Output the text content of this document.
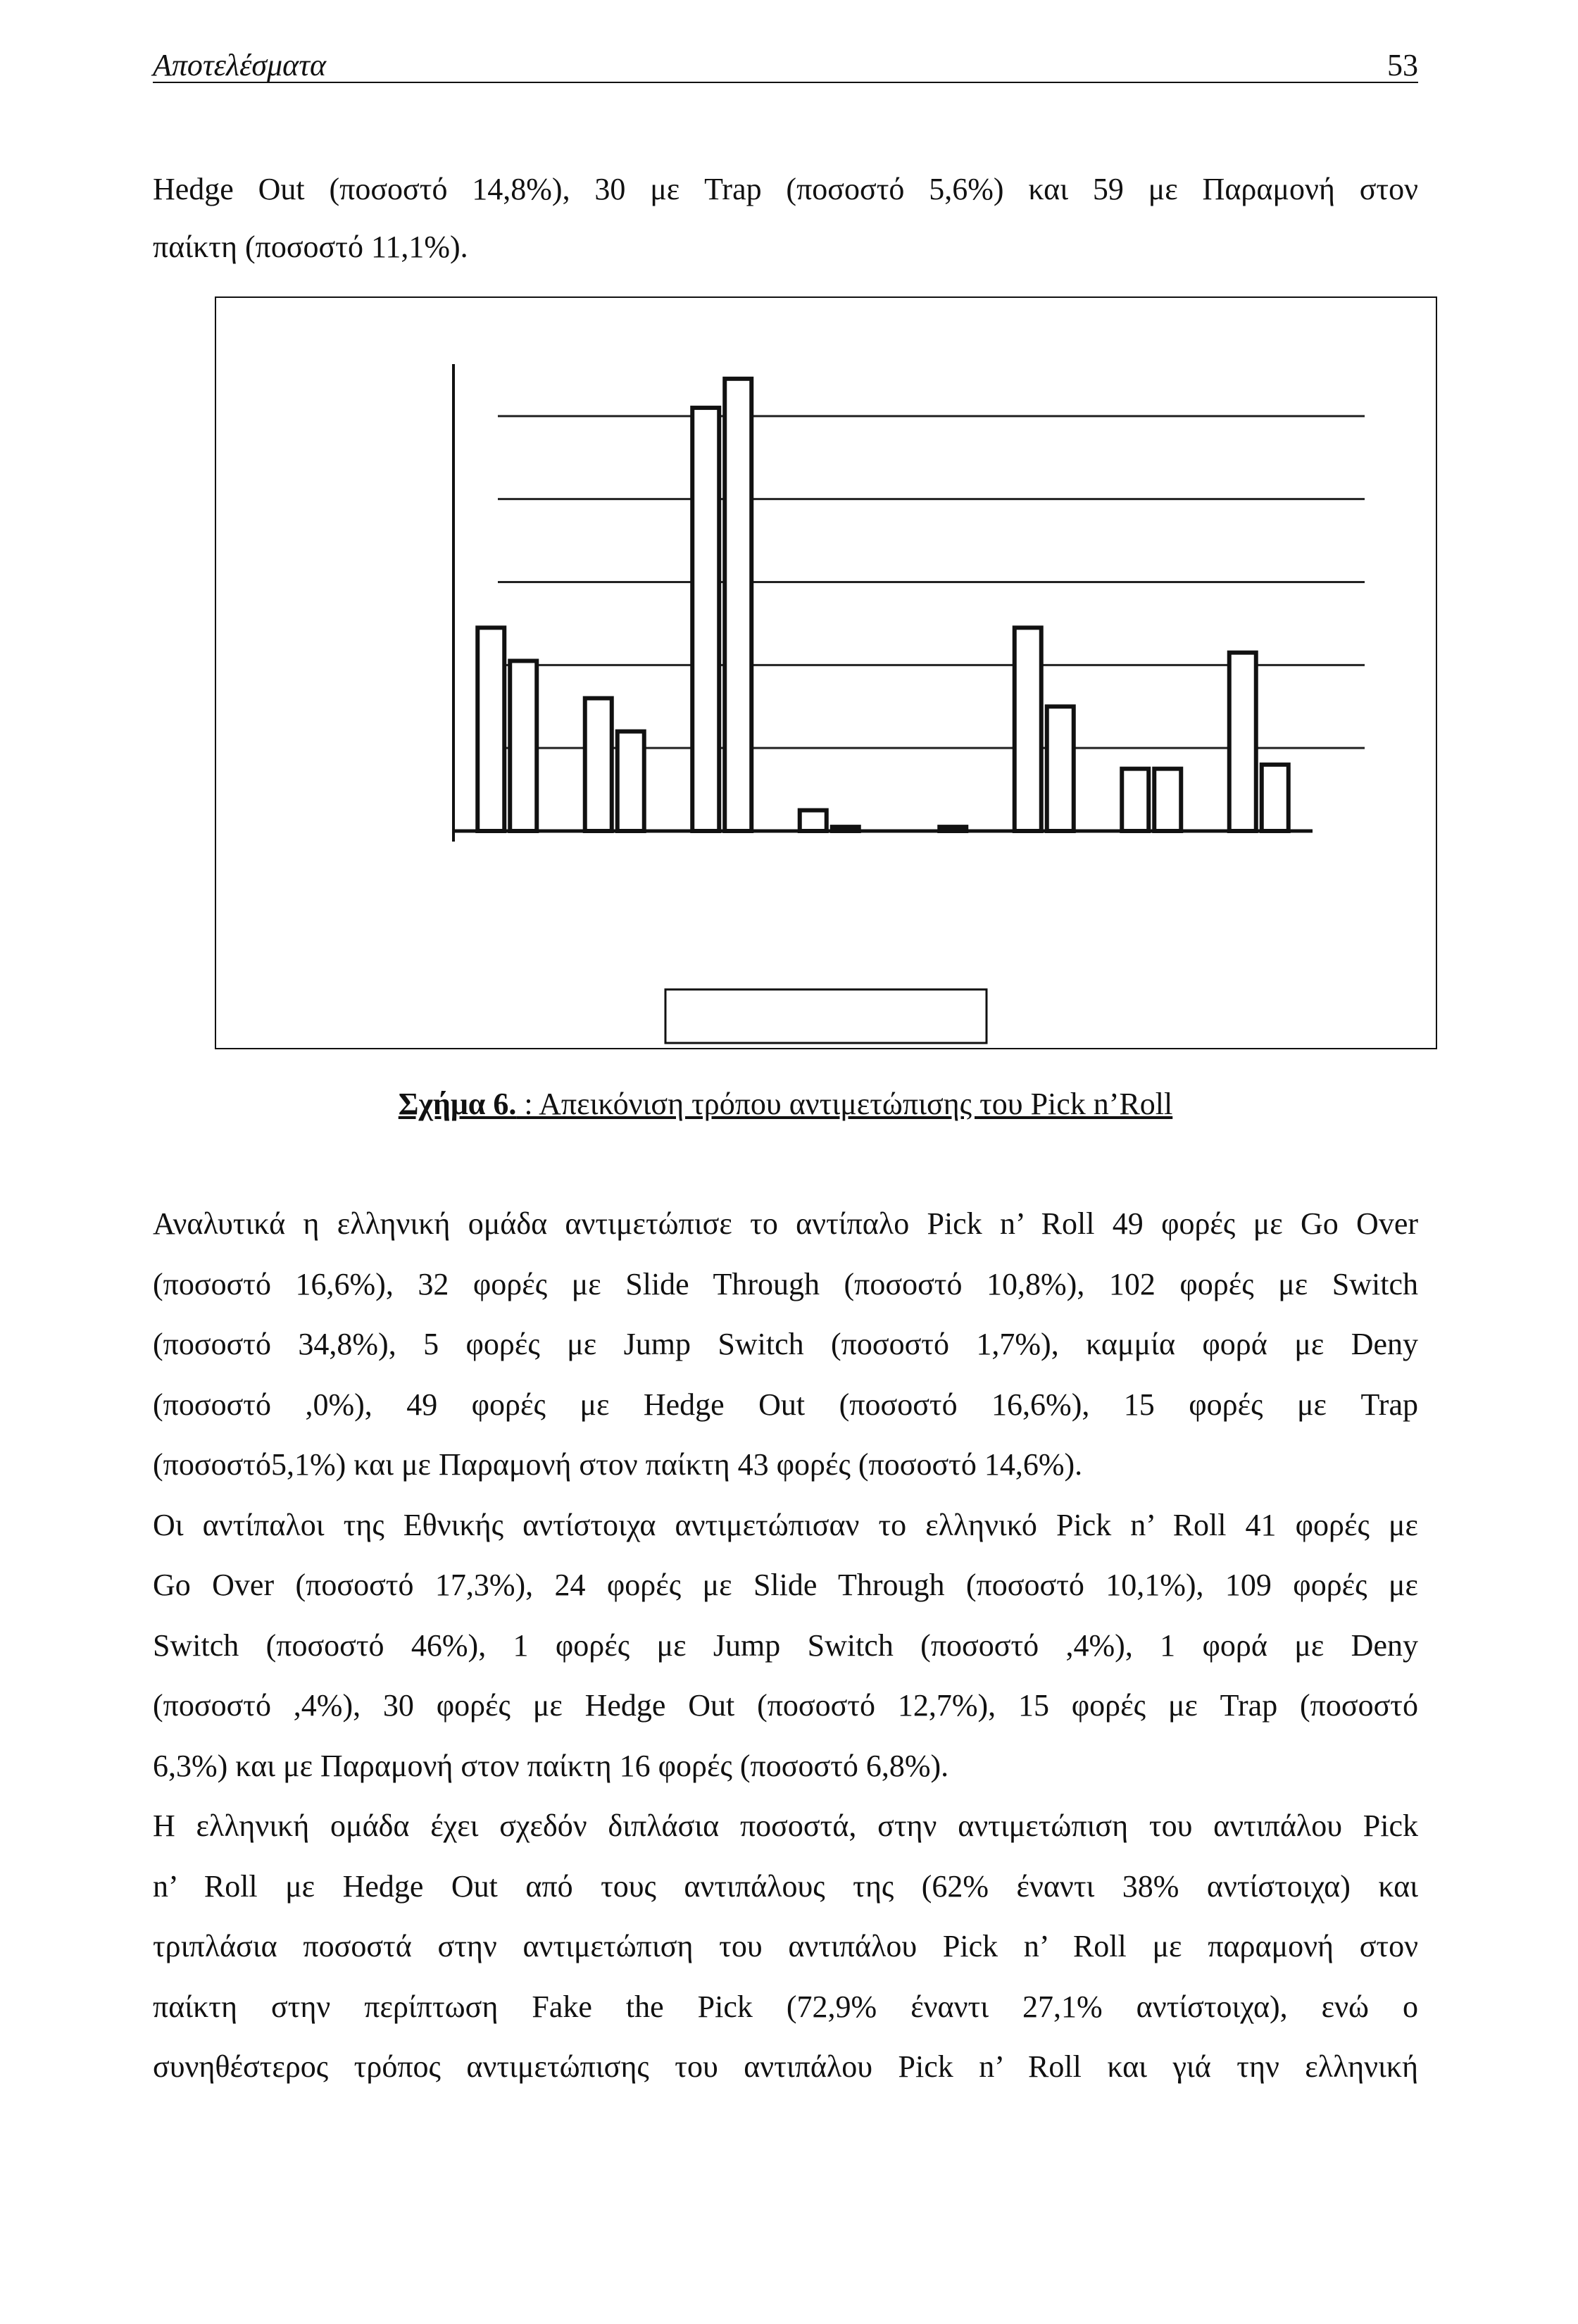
Αποτελέσματα	53
Hedge Out (ποσοστό 14,8%), 30 με Trap (ποσοστό 5,6%) και 59 με Παραμονή στον
παίκτη (ποσοστό 11,1%).
Σχήμα 6. : Απεικόνιση τρόπου αντιμετώπισης του Pick n’Roll
Αναλυτικά η ελληνική ομάδα αντιμετώπισε το αντίπαλο Pick n’ Roll 49 φορές με Go Over
(ποσοστό 16,6%), 32 φορές με Slide Through (ποσοστό 10,8%), 102 φορές με Switch
(ποσοστό 34,8%), 5 φορές με Jump Switch (ποσοστό 1,7%), καμμία φορά με Deny
(ποσοστό ,0%), 49 φορές με Hedge Out (ποσοστό 16,6%), 15 φορές με Trap
(ποσοστό5,1%) και με Παραμονή στον παίκτη 43 φορές (ποσοστό 14,6%).
Οι αντίπαλοι της Εθνικής αντίστοιχα αντιμετώπισαν το ελληνικό Pick n’ Roll 41 φορές με
Go Over (ποσοστό 17,3%), 24 φορές με Slide Through (ποσοστό 10,1%), 109 φορές με
Switch (ποσοστό 46%), 1 φορές με Jump Switch (ποσοστό ,4%), 1 φορά με Deny
(ποσοστό ,4%), 30 φορές με Hedge Out (ποσοστό 12,7%), 15 φορές με Trap (ποσοστό
6,3%) και με Παραμονή στον παίκτη 16 φορές (ποσοστό 6,8%).
Η ελληνική ομάδα έχει σχεδόν διπλάσια ποσοστά, στην αντιμετώπιση του αντιπάλου Pick
n’ Roll με Hedge Out από τους αντιπάλους της (62% έναντι 38% αντίστοιχα) και
τριπλάσια ποσοστά στην αντιμετώπιση του αντιπάλου Pick n’ Roll με παραμονή στον
παίκτη στην περίπτωση Fake the Pick (72,9% έναντι 27,1% αντίστοιχα), ενώ ο
συνηθέστερος τρόπος αντιμετώπισης του αντιπάλου Pick n’ Roll και γιά την ελληνική
